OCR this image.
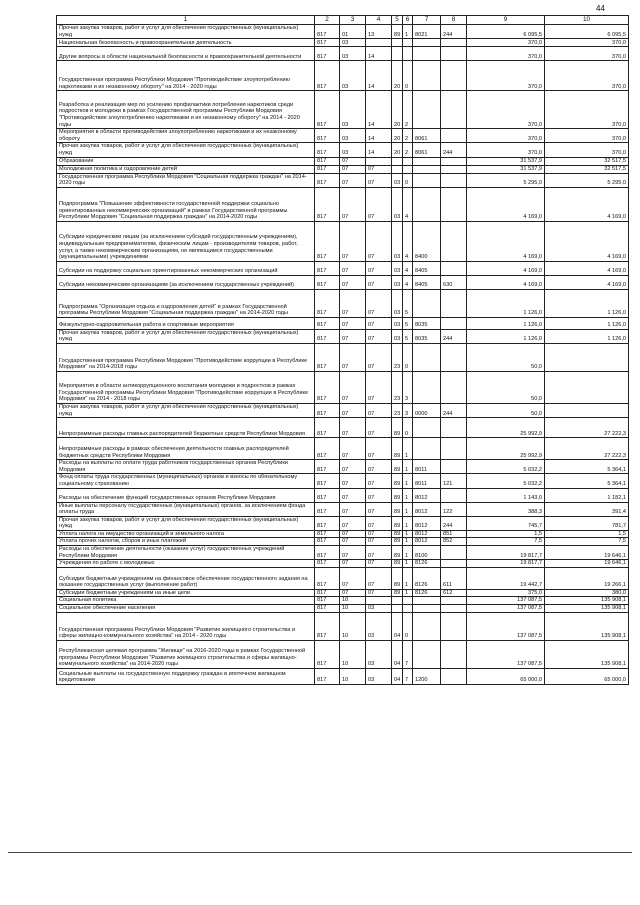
44
1	2	3	4	5	6	7	8	9	10
Прочая закупка товаров, работ и услуг для обеспечения государственных (муниципальных) нужд	817	01	13	89	1	8021	244	6 095,5	6 095,5
Национальная безопасность и правоохранительная деятельность	817	03						370,0	370,0
Другие вопросы в области национальной безопасности и правоохранительной деятельности	817	03	14					370,0	370,0
Государственная программа Республики Мордовия "Противодействие злоупотреблению наркотиками и их незаконному обороту" на 2014 - 2020 годы	817	03	14	20	0			370,0	370,0
Разработка и реализация мер по усилению профилактики потребления наркотиков среди подростков и молодежи в рамках Государственной программы Республики Мордовия "Противодействие злоупотреблению наркотиками и их незаконному обороту" на 2014 - 2020 годы	817	03	14	20	2			370,0	370,0
Мероприятия в области противодействия злоупотреблению наркотиками и их незаконному обороту	817	03	14	20	2	8061		370,0	370,0
Прочая закупка товаров, работ и услуг для обеспечения государственных (муниципальных) нужд	817	03	14	20	2	8061	244	370,0	370,0
Образование	817	07						31 537,9	32 517,5
Молодежная политика и оздоровление детей	817	07	07					31 537,9	32 517,5
Государственная программа Республики Мордовия "Социальная поддержка граждан" на 2014-2020 годы	817	07	07	03	0			5 295,0	5 295,0
Подпрограмма "Повышение эффективности государственной поддержки социально ориентированных некоммерческих организаций" в рамках Государственной программы Республики Мордовия "Социальная поддержка граждан" на 2014-2020 годы	817	07	07	03	4			4 169,0	4 169,0
Субсидии юридическим лицам (за исключением субсидий государственным учреждениям), индивидуальным предпринимателям, физическим лицам - производителям товаров, работ, услуг, а также некоммерческим организациям, не являющимся государственными (муниципальными) учреждениями	817	07	07	03	4	8400		4 169,0	4 169,0
Субсидии на поддержку социально ориентированных некоммерческих организаций	817	07	07	03	4	8405		4 169,0	4 169,0
Субсидии некоммерческим организациям (за исключением государственных учреждений)	817	07	07	03	4	8405	630	4 169,0	4 169,0
Подпрограмма "Организация отдыха и оздоровления детей" в рамках Государственной программы Республики Мордовия "Социальная поддержка граждан" на 2014-2020 годы	817	07	07	03	5			1 126,0	1 126,0
Физкультурно-оздоровительная работа и спортивные мероприятия	817	07	07	03	5	8035		1 126,0	1 126,0
Прочая закупка товаров, работ и услуг для обеспечения государственных (муниципальных) нужд	817	07	07	03	5	8035	244	1 126,0	1 126,0
Государственная программа Республики Мордовия "Противодействие коррупции в Республике Мордовия" на 2014-2018 годы	817	07	07	23	0			50,0	
Мероприятия в области антикоррупционного воспитания молодежи и подростков в рамках Государственной программы Республики Мордовия "Противодействие коррупции в Республике Мордовия" на 2014 - 2018 годы	817	07	07	23	3			50,0	
Прочая закупка товаров, работ и услуг для обеспечения государственных (муниципальных) нужд	817	07	07	23	3	0000	244	50,0	
Непрограммные расходы главных распорядителей бюджетных средств Республики Мордовия	817	07	07	89	0			25 992,9	27 222,3
Непрограммные расходы в рамках обеспечения деятельности главных распорядителей бюджетных средств Республики Мордовия	817	07	07	89	1			25 992,9	27 222,3
Расходы на выплаты по оплате труда работников государственных органов Республики Мордовия	817	07	07	89	1	8011		5 032,2	5 364,1
Фонд оплаты труда государственных (муниципальных) органов и взносы по обязательному социальному страхованию	817	07	07	89	1	8011	121	5 032,2	5 364,1
Расходы на обеспечение функций государственных органов Республики Мордовия	817	07	07	89	1	8012		1 143,0	1 182,1
Иные выплаты персоналу государственных (муниципальных) органов, за исключением фонда оплаты труда	817	07	07	89	1	8012	122	388,3	391,4
Прочая закупка товаров, работ и услуг для обеспечения государственных (муниципальных) нужд	817	07	07	89	1	8012	244	745,7	781,7
Уплата налога на имущество организаций и земельного налога	817	07	07	89	1	8012	851	1,5	1,5
Уплата прочих налогов, сборов и иных платежей	817	07	07	89	1	8012	852	7,5	7,5
Расходы на обеспечение деятельности (оказание услуг) государственных учреждений Республики Мордовия	817	07	07	89	1	8100		19 817,7	19 646,1
Учреждения по работе с молодежью	817	07	07	89	1	8126		19 817,7	19 646,1
Субсидии бюджетным учреждениям на финансовое обеспечение государственного задания на оказание государственных услуг (выполнение работ)	817	07	07	89	1	8126	611	19 442,7	19 266,1
Субсидии бюджетным учреждениям на иные цели	817	07	07	89	1	8126	612	375,0	380,0
Социальная политика	817	10						137 087,5	135 908,1
Социальное обеспечение населения	817	10	03					137 087,5	135 908,1
Государственная программа Республики Мордовия "Развитие жилищного строительства и сферы жилищно-коммунального хозяйства" на 2014 - 2020 годы	817	10	03	04	0			137 087,5	135 908,1
Республиканская целевая программа "Жилище" на 2016-2020 годы в рамках Государственной программы Республики Мордовия "Развитие жилищного строительства и сферы жилищно-коммунального хозяйства" на 2014-2020 годы	817	10	03	04	7			137 087,5	135 908,1
Социальные выплаты на государственную поддержку граждан в ипотечном жилищном кредитовании	817	10	03	04	7	1200		65 000,0	65 000,0
